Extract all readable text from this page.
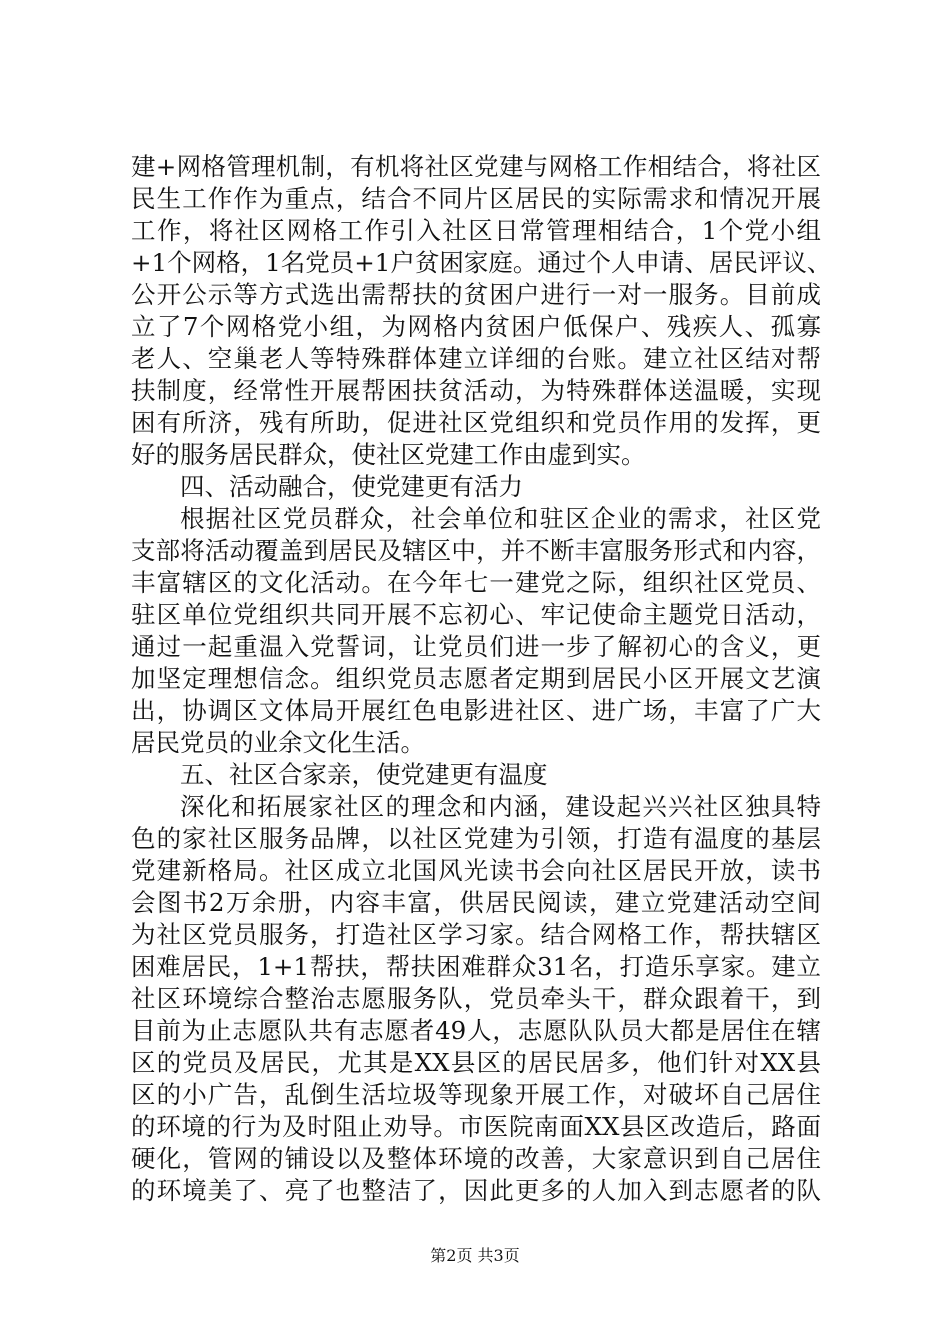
建+网格管理机制，有机将社区党建与网格工作相结合，将社区
民生工作作为重点，结合不同片区居民的实际需求和情况开展
工作，将社区网格工作引入社区日常管理相结合，1个党小组
+1个网格，1名党员+1户贫困家庭。通过个人申请、居民评议、
公开公示等方式选出需帮扶的贫困户进行一对一服务。目前成
立了7个网格党小组，为网格内贫困户低保户、残疾人、孤寡
老人、空巢老人等特殊群体建立详细的台账。建立社区结对帮
扶制度，经常性开展帮困扶贫活动，为特殊群体送温暖，实现
困有所济，残有所助，促进社区党组织和党员作用的发挥，更
好的服务居民群众，使社区党建工作由虚到实。
四、活动融合，使党建更有活力
根据社区党员群众，社会单位和驻区企业的需求，社区党
支部将活动覆盖到居民及辖区中，并不断丰富服务形式和内容，
丰富辖区的文化活动。在今年七一建党之际，组织社区党员、
驻区单位党组织共同开展不忘初心、牢记使命主题党日活动，
通过一起重温入党誓词，让党员们进一步了解初心的含义，更
加坚定理想信念。组织党员志愿者定期到居民小区开展文艺演
出，协调区文体局开展红色电影进社区、进广场，丰富了广大
居民党员的业余文化生活。
五、社区合家亲，使党建更有温度
深化和拓展家社区的理念和内涵，建设起兴兴社区独具特
色的家社区服务品牌，以社区党建为引领，打造有温度的基层
党建新格局。社区成立北国风光读书会向社区居民开放，读书
会图书2万余册，内容丰富，供居民阅读，建立党建活动空间
为社区党员服务，打造社区学习家。结合网格工作，帮扶辖区
困难居民，1+1帮扶，帮扶困难群众31名，打造乐享家。建立
社区环境综合整治志愿服务队，党员牵头干，群众跟着干，到
目前为止志愿队共有志愿者49人，志愿队队员大都是居住在辖
区的党员及居民，尤其是XX县区的居民居多，他们针对XX县
区的小广告，乱倒生活垃圾等现象开展工作，对破坏自己居住
的环境的行为及时阻止劝导。市医院南面XX县区改造后，路面
硬化，管网的铺设以及整体环境的改善，大家意识到自己居住
的环境美了、亮了也整洁了，因此更多的人加入到志愿者的队
第2页 共3页
